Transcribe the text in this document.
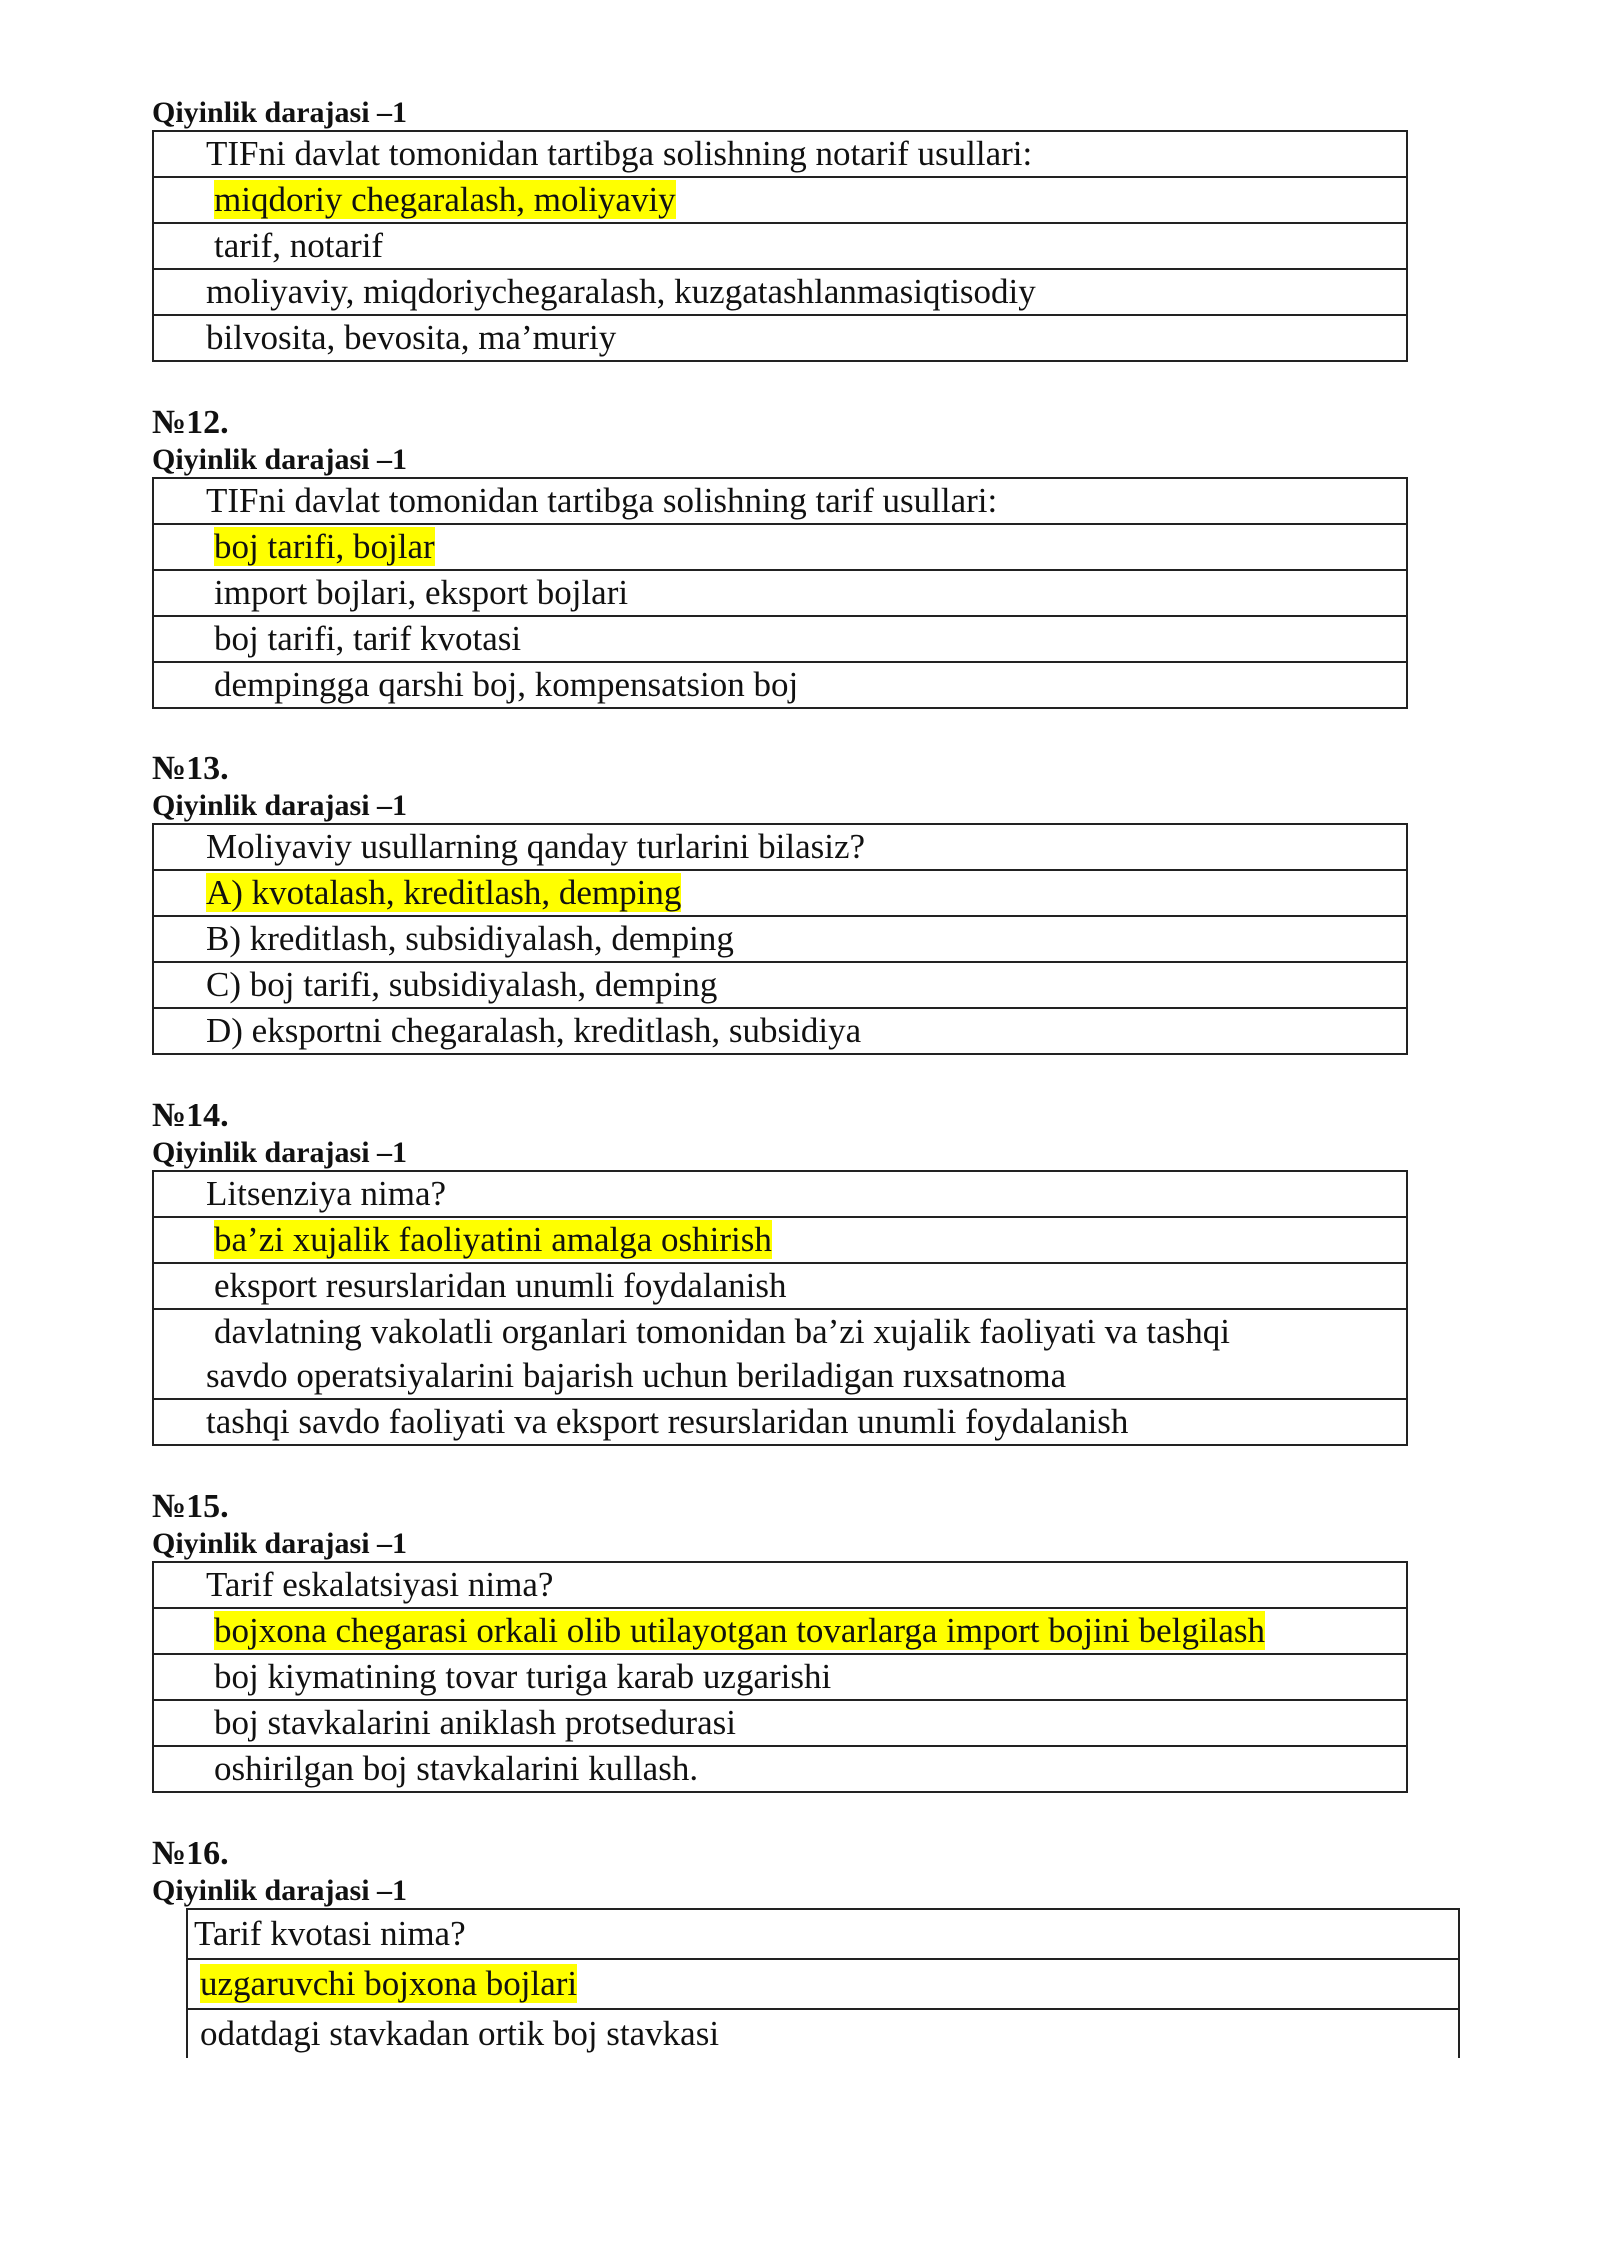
Qiyinlik darajasi –1
TIFni davlat tomonidan tartibga solishning notarif usullari:
miqdoriy chegaralash, moliyaviy
tarif, notarif
moliyaviy, miqdoriychegaralash, kuzgatashlanmasiqtisodiy
bilvosita, bevosita, ma’muriy
№12.
Qiyinlik darajasi –1
TIFni davlat tomonidan tartibga solishning tarif usullari:
boj tarifi, bojlar
import bojlari, eksport bojlari
boj tarifi, tarif kvotasi
dempingga qarshi boj, kompensatsion boj
№13.
Qiyinlik darajasi –1
Moliyaviy usullarning qanday turlarini bilasiz?
A) kvotalash, kreditlash, demping
B) kreditlash, subsidiyalash, demping
C) boj tarifi, subsidiyalash, demping
D) eksportni chegaralash, kreditlash, subsidiya
№14.
Qiyinlik darajasi –1
Litsenziya nima?
ba’zi xujalik faoliyatini amalga oshirish
eksport resurslaridan unumli foydalanish

davlatning vakolatli organlari tomonidan ba’zi xujalik faoliyati va tashqi
savdo operatsiyalarini bajarish uchun beriladigan ruxsatnoma

tashqi savdo faoliyati va eksport resurslaridan unumli foydalanish
№15.
Qiyinlik darajasi –1
Tarif eskalatsiyasi nima?
bojxona chegarasi orkali olib utilayotgan tovarlarga import bojini belgilash
boj kiymatining tovar turiga karab uzgarishi
boj stavkalarini aniklash protsedurasi
oshirilgan boj stavkalarini kullash.
№16.
Qiyinlik darajasi –1
Tarif kvotasi nima?
uzgaruvchi bojxona bojlari
odatdagi stavkadan ortik boj stavkasi
